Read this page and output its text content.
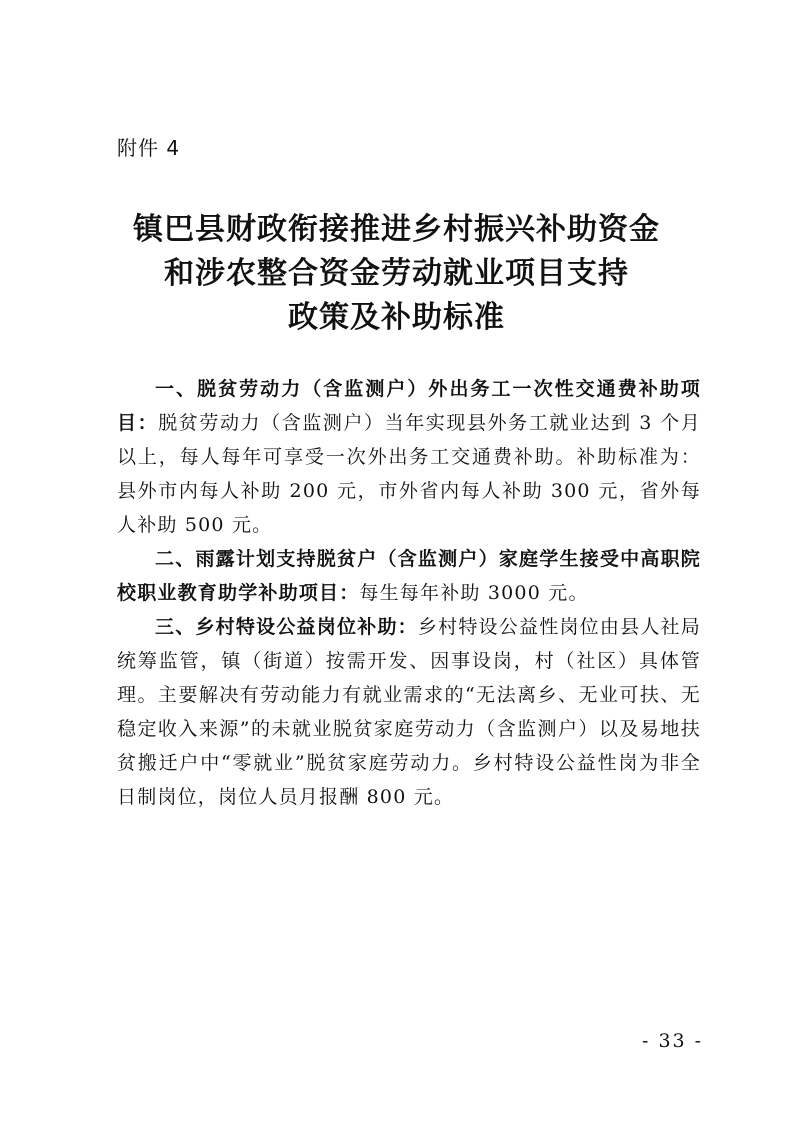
附件 4
镇巴县财政衔接推进乡村振兴补助资金
和涉农整合资金劳动就业项目支持
政策及补助标准

一、脱贫劳动力（含监测户）外出务工一次性交通费补助项目：脱贫劳动力（含监测户）当年实现县外务工就业达到 3 个月以上，每人每年可享受一次外出务工交通费补助。补助标准为：县外市内每人补助 200 元，市外省内每人补助 300 元，省外每人补助 500 元。

二、雨露计划支持脱贫户（含监测户）家庭学生接受中高职院校职业教育助学补助项目：每生每年补助 3000 元。

三、乡村特设公益岗位补助：乡村特设公益性岗位由县人社局统筹监管，镇（街道）按需开发、因事设岗，村（社区）具体管理。主要解决有劳动能力有就业需求的“无法离乡、无业可扶、无稳定收入来源”的未就业脱贫家庭劳动力（含监测户）以及易地扶贫搬迁户中“零就业”脱贫家庭劳动力。乡村特设公益性岗为非全日制岗位，岗位人员月报酬 800 元。

- 33 -
